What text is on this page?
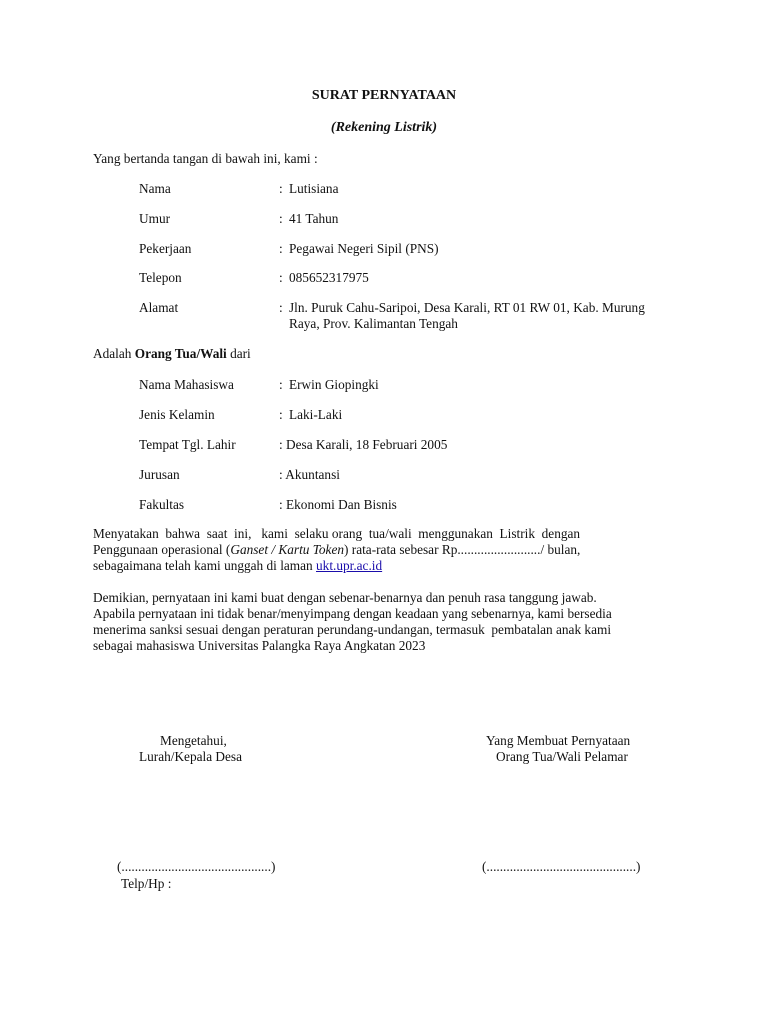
SURAT PERNYATAAN
(Rekening Listrik)
Yang bertanda tangan di bawah ini, kami :
Nama	: Lutisiana
Umur	: 41 Tahun
Pekerjaan	: Pegawai Negeri Sipil (PNS)
Telepon	: 085652317975
Alamat	: Jln. Puruk Cahu-Saripoi, Desa Karali, RT 01 RW 01, Kab. Murung
Raya, Prov. Kalimantan Tengah
Adalah Orang Tua/Wali dari
Nama Mahasiswa	: Erwin Giopingki
Jenis Kelamin	: Laki-Laki
Tempat Tgl. Lahir	: Desa Karali, 18 Februari 2005
Jurusan	: Akuntansi
Fakultas	: Ekonomi Dan Bisnis
Menyatakan  bahwa  saat  ini,   kami  selaku orang  tua/wali  menggunakan  Listrik  dengan
Penggunaan operasional (Ganset / Kartu Token) rata-rata sebesar Rp........................./ bulan,
sebagaimana telah kami unggah di laman ukt.upr.ac.id
Demikian, pernyataan ini kami buat dengan sebenar-benarnya dan penuh rasa tanggung jawab.
Apabila pernyataan ini tidak benar/menyimpang dengan keadaan yang sebenarnya, kami bersedia
menerima sanksi sesuai dengan peraturan perundang-undangan, termasuk  pembatalan anak kami
sebagai mahasiswa Universitas Palangka Raya Angkatan 2023
Mengetahui,
Lurah/Kepala Desa
Yang Membuat Pernyataan
Orang Tua/Wali Pelamar
(.............................................)	(.............................................)
Telp/Hp :
